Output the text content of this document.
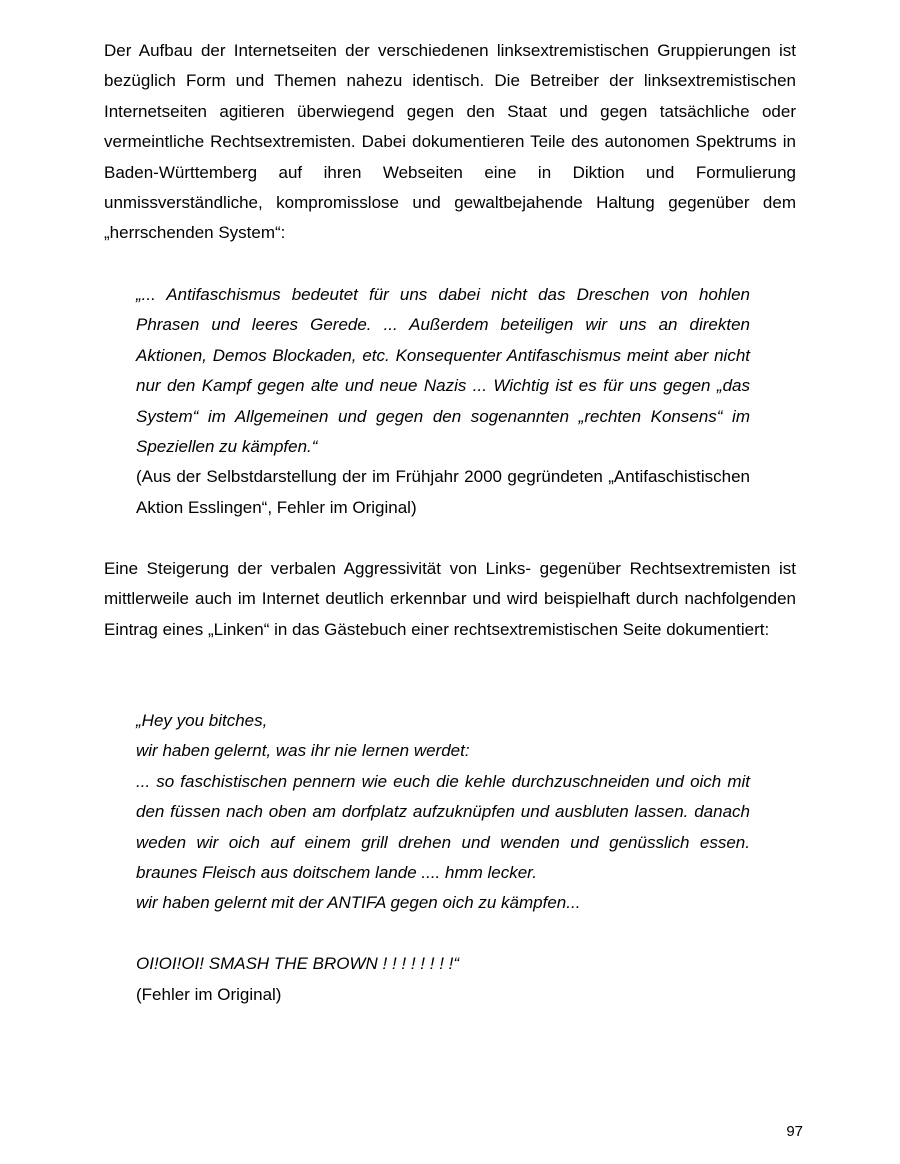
Der Aufbau der Internetseiten der verschiedenen linksextremistischen Gruppierungen ist bezüglich Form und Themen nahezu identisch. Die Betreiber der linksextremistischen Internetseiten agitieren überwiegend gegen den Staat und gegen tatsächliche oder vermeintliche Rechtsextremisten. Dabei dokumentieren Teile des autonomen Spektrums in Baden-Württemberg auf ihren Webseiten eine in Diktion und Formulierung unmissverständliche, kompromisslose und gewaltbejahende Haltung gegenüber dem „herrschenden System“:

„... Antifaschismus bedeutet für uns dabei nicht das Dreschen von hohlen Phrasen und leeres Gerede. ... Außerdem beteiligen wir uns an direkten Aktionen, Demos Blockaden, etc. Konsequenter Antifaschismus meint aber nicht nur den Kampf gegen alte und neue Nazis ... Wichtig ist es für uns gegen „das System“ im Allgemeinen und gegen den sogenannten „rechten Konsens“ im Speziellen zu kämpfen.“
(Aus der Selbstdarstellung der im Frühjahr 2000 gegründeten „Antifaschistischen Aktion Esslingen“, Fehler im Original)

Eine Steigerung der verbalen Aggressivität von Links- gegenüber Rechtsextremisten ist mittlerweile auch im Internet deutlich erkennbar und wird beispielhaft durch nachfolgenden Eintrag eines „Linken“ in das Gästebuch einer rechtsextremistischen Seite dokumentiert:

„Hey you bitches,
wir haben gelernt, was ihr nie lernen werdet:
... so faschistischen pennern wie euch die kehle durchzuschneiden und oich mit den füssen nach oben am dorfplatz aufzuknüpfen und ausbluten lassen. danach weden wir oich auf einem grill drehen und wenden und genüsslich essen. braunes Fleisch aus doitschem lande .... hmm lecker.
wir haben gelernt mit der ANTIFA gegen oich zu kämpfen...
OI!OI!OI! SMASH THE BROWN ! ! ! ! ! ! ! !“
(Fehler im Original)

97
